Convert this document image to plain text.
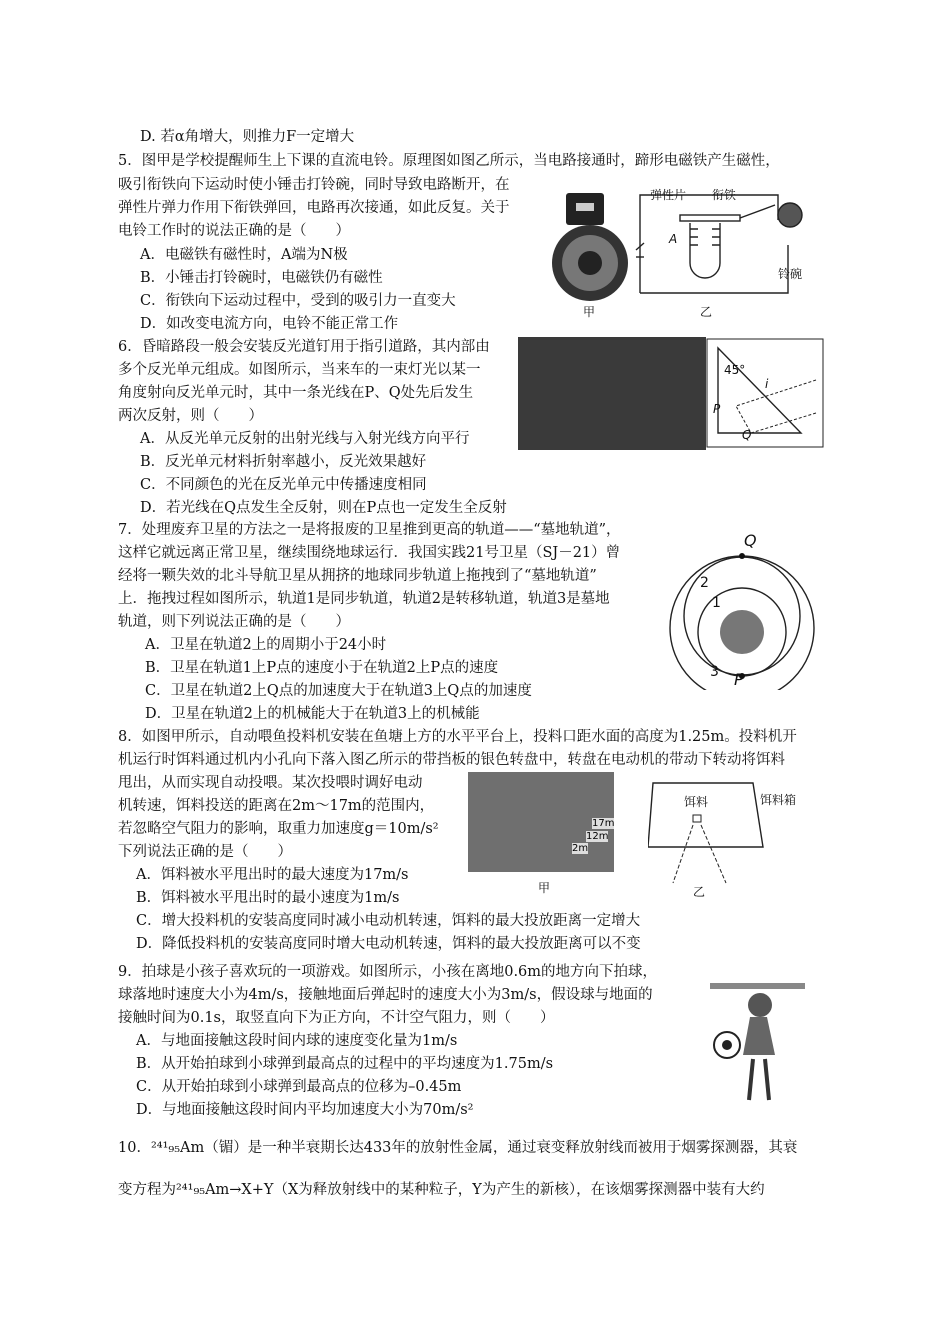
D. 若α角增大，则推力F一定增大
5．图甲是学校提醒师生上下课的直流电铃。原理图如图乙所示，当电路接通时，蹄形电磁铁产生磁性，
吸引衔铁向下运动时使小锤击打铃碗，同时导致电路断开，在
弹性片弹力作用下衔铁弹回，电路再次接通，如此反复。关于
电铃工作时的说法正确的是（　　）
A．电磁铁有磁性时，A端为N极
B．小锤击打铃碗时，电磁铁仍有磁性
C．衔铁向下运动过程中，受到的吸引力一直变大
D．如改变电流方向，电铃不能正常工作
弹性片 衔铁
A
铃碗
甲	乙
6．昏暗路段一般会安装反光道钉用于指引道路，其内部由
多个反光单元组成。如图所示，当来车的一束灯光以某一
角度射向反光单元时，其中一条光线在P、Q处先后发生
两次反射，则（　　）
A．从反光单元反射的出射光线与入射光线方向平行
B．反光单元材料折射率越小，反光效果越好
C．不同颜色的光在反光单元中传播速度相同
D．若光线在Q点发生全反射，则在P点也一定发生全反射
45°
i
P
Q
7．处理废弃卫星的方法之一是将报废的卫星推到更高的轨道——“墓地轨道”，
这样它就远离正常卫星，继续围绕地球运行．我国实践21号卫星（SJ－21）曾
经将一颗失效的北斗导航卫星从拥挤的地球同步轨道上拖拽到了“墓地轨道”
上．拖拽过程如图所示，轨道1是同步轨道，轨道2是转移轨道，轨道3是墓地
轨道，则下列说法正确的是（　　）
A．卫星在轨道2上的周期小于24小时
B．卫星在轨道1上P点的速度小于在轨道2上P点的速度
C．卫星在轨道2上Q点的加速度大于在轨道3上Q点的加速度
D．卫星在轨道2上的机械能大于在轨道3上的机械能
Q
P
2
1
3
8．如图甲所示，自动喂鱼投料机安装在鱼塘上方的水平平台上，投料口距水面的高度为1.25m。投料机开
机运行时饵料通过机内小孔向下落入图乙所示的带挡板的银色转盘中，转盘在电动机的带动下转动将饵料
甩出，从而实现自动投喂。某次投喂时调好电动
机转速，饵料投送的距离在2m～17m的范围内，
若忽略空气阻力的影响，取重力加速度g＝10m/s²
下列说法正确的是（　　）
A．饵料被水平甩出时的最大速度为17m/s
B．饵料被水平甩出时的最小速度为1m/s
C．增大投料机的安装高度同时减小电动机转速，饵料的最大投放距离一定增大
D．降低投料机的安装高度同时增大电动机转速，饵料的最大投放距离可以不变
17m
12m
2m
甲
饵料	饵料箱
乙
9．拍球是小孩子喜欢玩的一项游戏。如图所示，小孩在离地0.6m的地方向下拍球，
球落地时速度大小为4m/s，接触地面后弹起时的速度大小为3m/s，假设球与地面的
接触时间为0.1s，取竖直向下为正方向，不计空气阻力，则（　　）
A．与地面接触这段时间内球的速度变化量为1m/s
B．从开始拍球到小球弹到最高点的过程中的平均速度为1.75m/s
C．从开始拍球到小球弹到最高点的位移为–0.45m
D．与地面接触这段时间内平均加速度大小为70m/s²
10．²⁴¹₉₅Am（镅）是一种半衰期长达433年的放射性金属，通过衰变释放射线而被用于烟雾探测器，其衰
变方程为²⁴¹₉₅Am→X+Y（X为释放射线中的某种粒子，Y为产生的新核），在该烟雾探测器中装有大约
